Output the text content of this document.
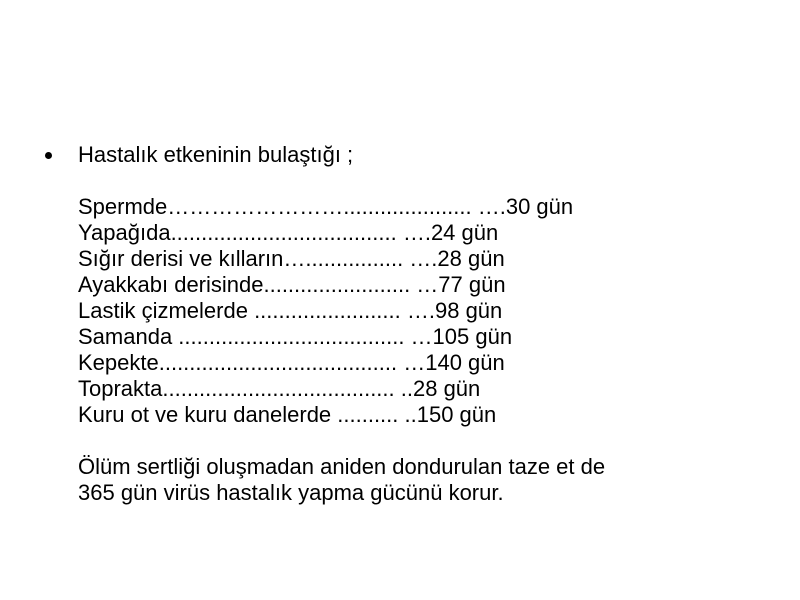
Hastalık etkeninin bulaştığı ;

Spermde……………………..................... ….30 gün

Yapağıda..................................... ….24 gün

Sığır derisi ve kılların…................ ….28 gün

Ayakkabı derisinde........................ …77 gün

Lastik çizmelerde ........................ ….98 gün

Samanda ..................................... …105 gün

Kepekte....................................... …140 gün

Toprakta...................................... ..28 gün

Kuru ot ve kuru danelerde .......... ..150 gün

Ölüm sertliği oluşmadan aniden dondurulan taze et de

365 gün virüs hastalık yapma gücünü korur.
